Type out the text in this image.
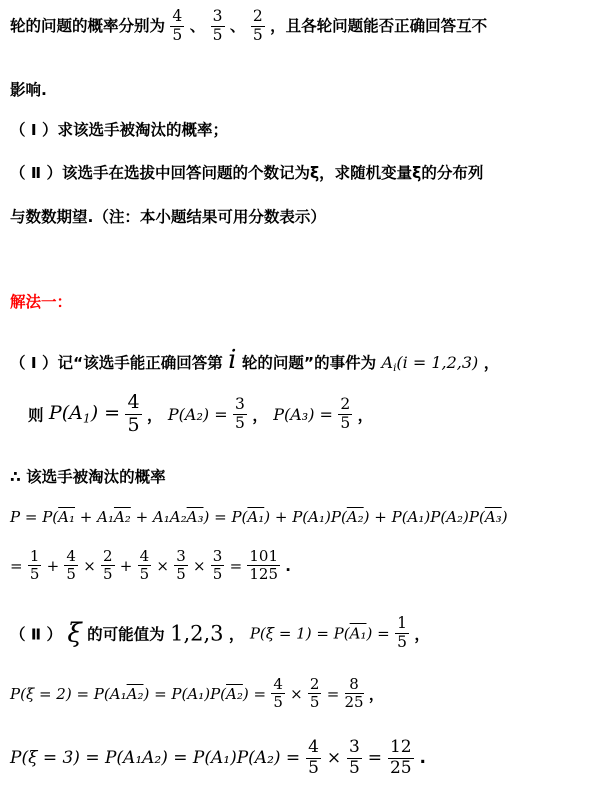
轮的问题的概率分别为 $\frac{4}{5}$ 、 $\frac{3}{5}$ 、 $\frac{2}{5}$ ，且各轮问题能否正确回答互不
影响.
（ Ⅰ ）求该选手被淘汰的概率；
（ Ⅱ ）该选手在选拔中回答问题的个数记为ξ，求随机变量ξ的分布列
与数数期望.（注：本小题结果可用分数表示）
解法一：
（ Ⅰ ）记“该选手能正确回答第 i 轮的问题”的事件为 $A_i(i = 1,2,3)$ ，
则 $P(A_1) = \frac{4}{5}$ ， $P(A_2) = \frac{3}{5}$ ， $P(A_3) = \frac{2}{5}$ ，
∴ 该选手被淘汰的概率
P = P(A₁ + A₁A₂ + A₁A₂A₃) = P(A₁) + P(A₁)P(A₂) + P(A₁)P(A₂)P(A₃)
= $\frac{1}{5} + \frac{4}{5} \times \frac{2}{5} + \frac{4}{5} \times \frac{3}{5} \times \frac{3}{5} = \frac{101}{125}$ .
（ Ⅱ ） ξ 的可能值为 1,2,3 ， $P(\xi = 1) = P(A_1) = \frac{1}{5}$ ，
$P(\xi = 2) = P(A_1A_2) = P(A_1)P(A_2) = \frac{4}{5} \times \frac{2}{5} = \frac{8}{25}$ ，
$P(\xi = 3) = P(A_1A_2) = P(A_1)P(A_2) = \frac{4}{5} \times \frac{3}{5} = \frac{12}{25}$ .
